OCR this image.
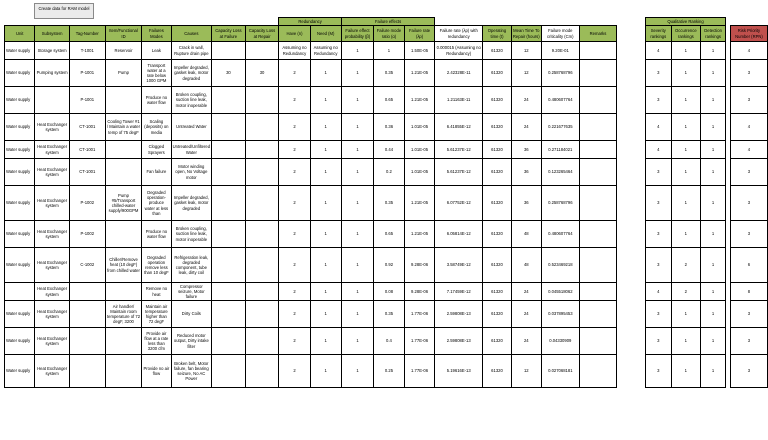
Create data for RAM model
								Redundancy		Failure effects									Qualitative Ranking				
Unit	Subsystem	Tag-Number	Item/Functional ID	Failures Modes	Causes	Capacity Loss at Failure	Capacity Loss at Repair	Have (n)	Need (M)	Failure effect probability (β)	Failure mode ratio (α)	Failure rate (λp)	Failure rate (λp) with redundancy	Operating time (t)	Mean Time To Repair (hours)	Failure mode criticality (Cm)	Remarks		Severity rankings	Occurrence rankings	Detection rankings		Risk Priority Number (RPN)
Water supply	Storage system	T-1001	Reservoir	Leak	Crack in wall, Rupture drain pipe			Assuming no Redundancy	Assuming no Redundancy	1	1	1.50E-05	0.000015 (Assuming no Redundancy)	61320	12	9.20E-01			4	1	1		4
Water supply	Pumping system	P-1001	Pump	Transport water at a rate below 1000 GPM	Impeller degraded, gasket leak, motor degraded	30	30	2	1	1	0.35	1.21E-05	2.42328E-11	61320	12	0.258768796			3	1	1		3
Water supply		P-1001		Produce no water flow	Broken coupling, suction line leak, motor inoperable			2	1	1	0.65	1.21E-05	1.21163E-11	61320	24	0.480607764			3	1	1		3
Water supply	Heat Exchanger system	CT-1001	Cooling Tower #1 / Maintain a water temp of 75 degF	Scaling (deposits) on media	Untreated Water			2	1	1	0.36	1.01E-05	6.41855E-12	61320	24	0.221677635			4	1	1		4
Water supply	Heat Exchanger system	CT-1001		Clogged Sprayers	Untreated/Unfiltered Water			2	1	1	0.44	1.01E-05	5.61237E-12	61320	36	0.271184021			4	1	1		4
Water supply	Heat Exchanger system	CT-1001		Fan failure	Motor winding open, No Voltage motor			2	1	1	0.2	1.01E-05	5.61237E-12	61320	36	0.123265464			3	1	1		3
Water supply	Heat Exchanger system	P-1002	Pump #5/Transport chilled-water supply/900GPM	Degraded operation-produce water at less than	Impeller degraded, gasket leak, motor degraded			2	1	1	0.35	1.21E-05	6.07752E-12	61320	36	0.258768796			3	1	1		3
Water supply	Heat Exchanger system	P-1002		Produce no water flow	Broken coupling, suction line leak, motor inoperable			2	1	1	0.65	1.21E-05	6.05814E-12	61320	48	0.480607764			3	1	1		3
Water supply	Heat Exchanger system	C-1002	Chiller/Remove heat (10 degF) from chilled water	Degraded operation remove less than 10 degF	Refrigeration leak, degraded component, tube leak, dirty coil			2	1	1	0.92	9.28E-06	3.58749E-12	61320	48	0.523469218			3	2	1		6
	Heat Exchanger system			Remove no heat	Compressor seizure, Motor failure			2	1	1	0.08	9.28E-06	7.17459E-12	61320	24	0.045518062			4	2	1		8
Water supply	Heat Exchanger system		Air handler/ Maintain room temperature of 72 degF, 3200	Maintain air temperature higher than 72 degF	Dirty Coils			2	1	1	0.35	1.77E-06	2.59808E-13	61320	24	0.037895453			3	1	1		3
Water supply	Heat Exchanger system			Provide air flow at a rate less than 3200 cfm	Reduced motor output, Dirty intake filter			2	1	1	0.4	1.77E-06	2.59808E-13	61320	24	0.04330909			3	1	1		3
Water supply	Heat Exchanger system			Provide no air flow	Broken belt, Motor failure, fan bearing seizure, No AC Power			2	1	1	0.25	1.77E-06	5.19616E-13	61320	12	0.027068181			3	1	1		3
